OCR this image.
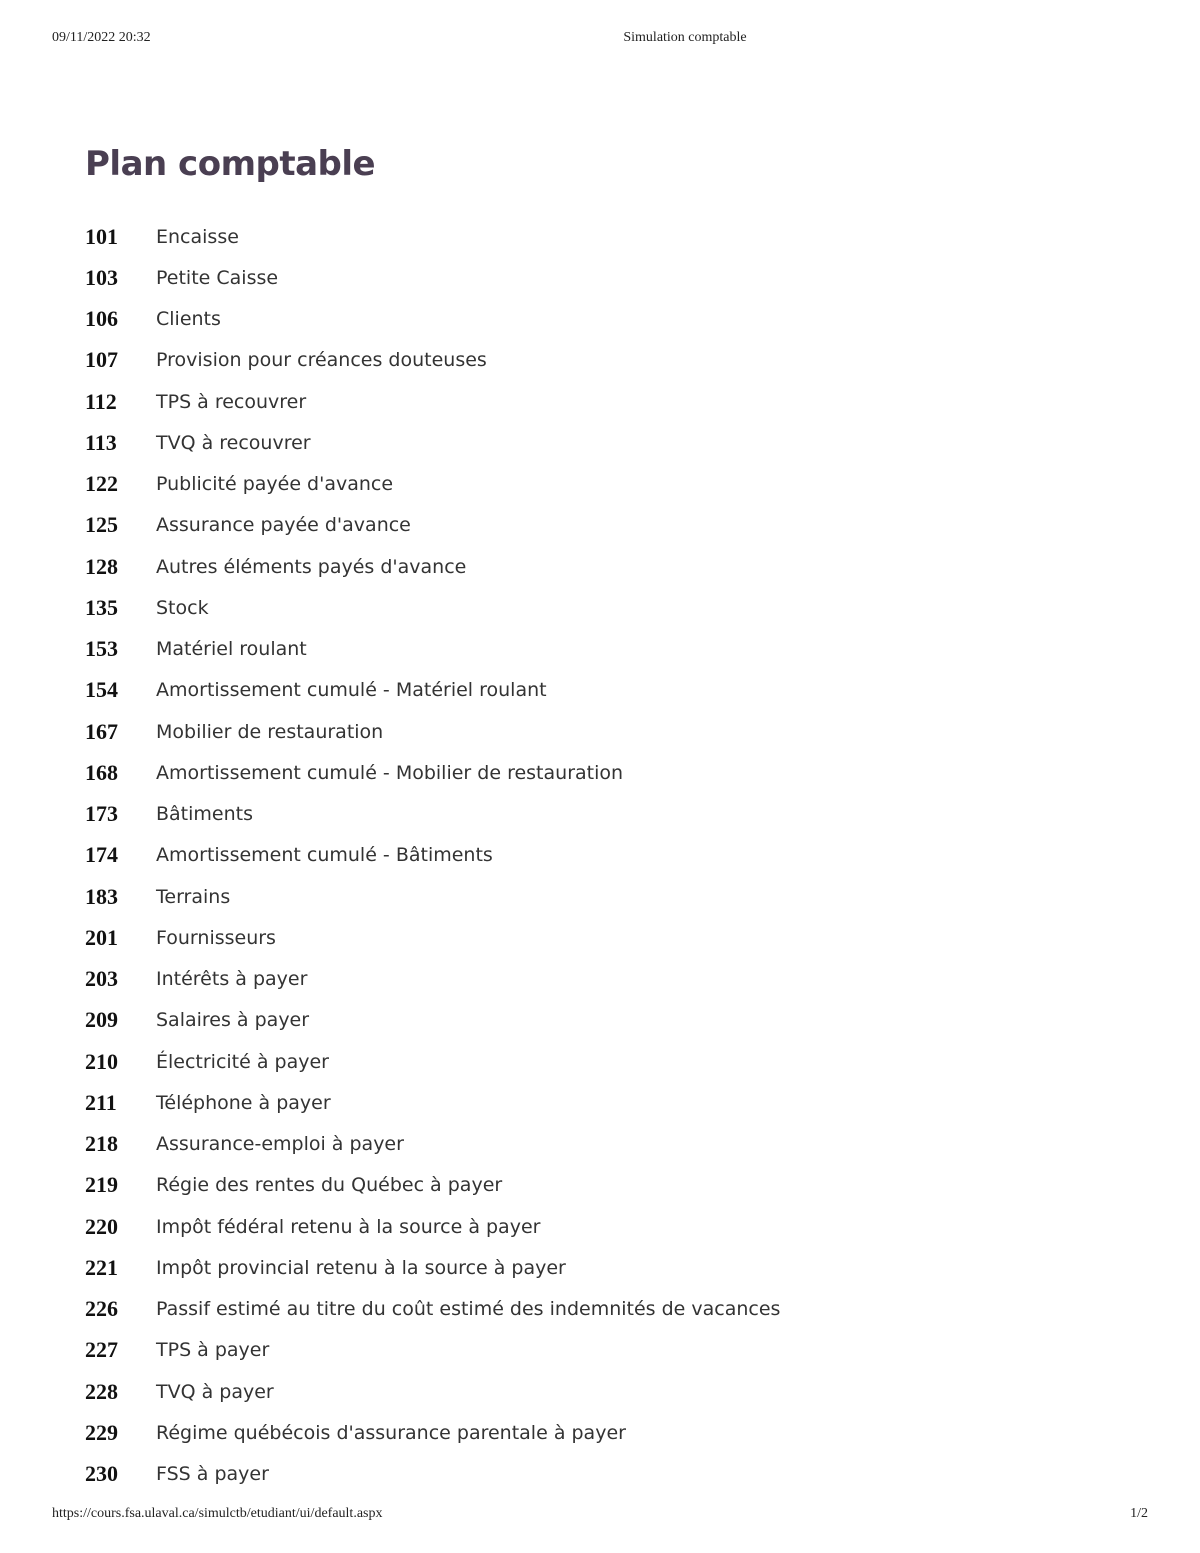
09/11/2022 20:32	Simulation comptable
Plan comptable
101	Encaisse
103	Petite Caisse
106	Clients
107	Provision pour créances douteuses
112	TPS à recouvrer
113	TVQ à recouvrer
122	Publicité payée d'avance
125	Assurance payée d'avance
128	Autres éléments payés d'avance
135	Stock
153	Matériel roulant
154	Amortissement cumulé - Matériel roulant
167	Mobilier de restauration
168	Amortissement cumulé - Mobilier de restauration
173	Bâtiments
174	Amortissement cumulé - Bâtiments
183	Terrains
201	Fournisseurs
203	Intérêts à payer
209	Salaires à payer
210	Électricité à payer
211	Téléphone à payer
218	Assurance-emploi à payer
219	Régie des rentes du Québec à payer
220	Impôt fédéral retenu à la source à payer
221	Impôt provincial retenu à la source à payer
226	Passif estimé au titre du coût estimé des indemnités de vacances
227	TPS à payer
228	TVQ à payer
229	Régime québécois d'assurance parentale à payer
230	FSS à payer
https://cours.fsa.ulaval.ca/simulctb/etudiant/ui/default.aspx	1/2
